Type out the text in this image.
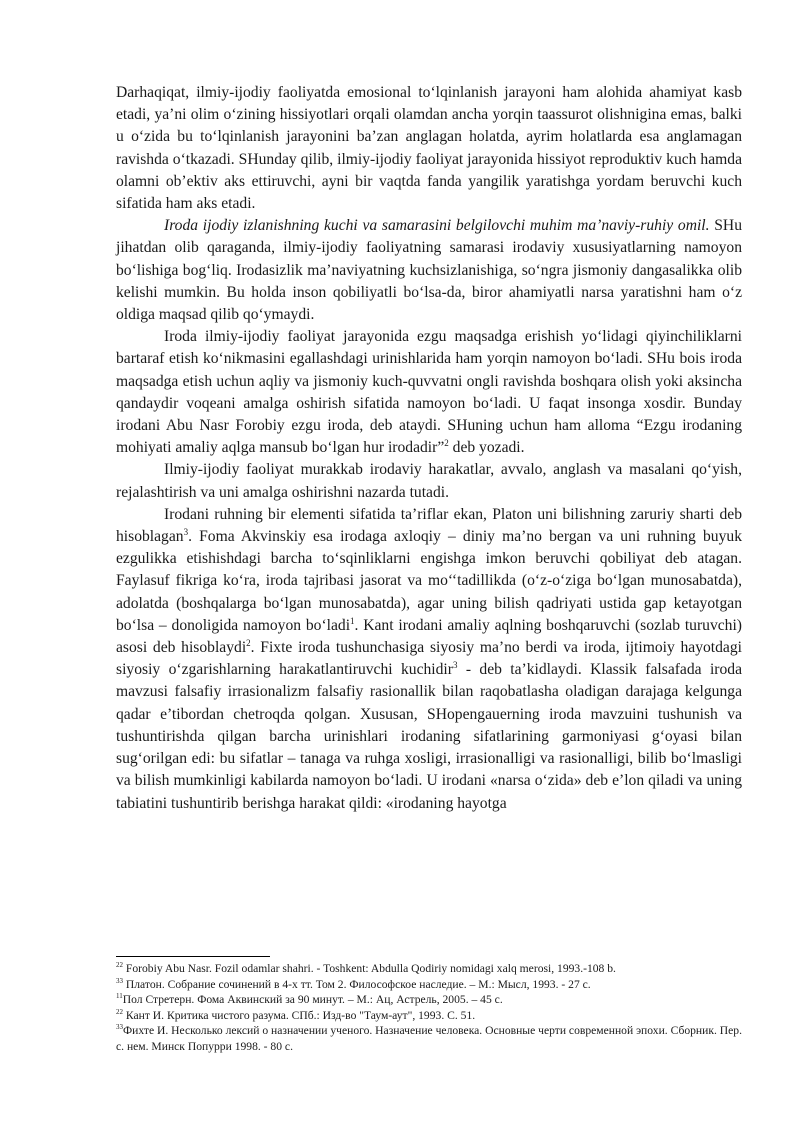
Darhaqiqat, ilmiy-ijodiy faoliyatda emosional to‘lqinlanish jarayoni ham alohida ahamiyat kasb etadi, ya’ni olim o‘zining hissiyotlari orqali olamdan ancha yorqin taassurot olishnigina emas, balki u o‘zida bu to‘lqinlanish jarayonini ba’zan anglagan holatda, ayrim holatlarda esa anglamagan ravishda o‘tkazadi. SHunday qilib, ilmiy-ijodiy faoliyat jarayonida hissiyot reproduktiv kuch hamda olamni ob’ektiv aks ettiruvchi, ayni bir vaqtda fanda yangilik yaratishga yordam beruvchi kuch sifatida ham aks etadi.

Iroda ijodiy izlanishning kuchi va samarasini belgilovchi muhim ma’naviy-ruhiy omil. SHu jihatdan olib qaraganda, ilmiy-ijodiy faoliyatning samarasi irodaviy xususiyatlarning namoyon bo‘lishiga bog‘liq. Irodasizlik ma’naviyatning kuchsizlanishiga, so‘ngra jismoniy dangasalikka olib kelishi mumkin. Bu holda inson qobiliyatli bo‘lsa-da, biror ahamiyatli narsa yaratishni ham o‘z oldiga maqsad qilib qo‘ymaydi.

Iroda ilmiy-ijodiy faoliyat jarayonida ezgu maqsadga erishish yo‘lidagi qiyinchiliklarni bartaraf etish ko‘nikmasini egallashdagi urinishlarida ham yorqin namoyon bo‘ladi. SHu bois iroda maqsadga etish uchun aqliy va jismoniy kuch-quvvatni ongli ravishda boshqara olish yoki aksincha qandaydir voqeani amalga oshirish sifatida namoyon bo‘ladi. U faqat insonga xosdir. Bunday irodani Abu Nasr Forobiy ezgu iroda, deb ataydi. SHuning uchun ham alloma “Ezgu irodaning mohiyati amaliy aqlga mansub bo‘lgan hur irodadir”$^2$ deb yozadi.

Ilmiy-ijodiy faoliyat murakkab irodaviy harakatlar, avvalo, anglash va masalani qo‘yish, rejalashtirish va uni amalga oshirishni nazarda tutadi.

Irodani ruhning bir elementi sifatida ta’riflar ekan, Platon uni bilishning zaruriy sharti deb hisoblagan$^3$. Foma Akvinskiy esa irodaga axloqiy – diniy ma’no bergan va uni ruhning buyuk ezgulikka etishishdagi barcha to‘sqinliklarni engishga imkon beruvchi qobiliyat deb atagan. Faylasuf fikriga ko‘ra, iroda tajribasi jasorat va mo‘‘tadillikda (o‘z-o‘ziga bo‘lgan munosabatda), adolatda (boshqalarga bo‘lgan munosabatda), agar uning bilish qadriyati ustida gap ketayotgan bo‘lsa – donoligida namoyon bo‘ladi$^1$. Kant irodani amaliy aqlning boshqaruvchi (sozlab turuvchi) asosi deb hisoblaydi$^2$. Fixte iroda tushunchasiga siyosiy ma’no berdi va iroda, ijtimoiy hayotdagi siyosiy o‘zgarishlarning harakatlantiruvchi kuchidir$^3$ - deb ta’kidlaydi. Klassik falsafada iroda mavzusi falsafiy irrasionalizm falsafiy rasionallik bilan raqobatlasha oladigan darajaga kelgunga qadar e’tibordan chetroqda qolgan. Xususan, SHopengauerning iroda mavzuini tushunish va tushuntirishda qilgan barcha urinishlari irodaning sifatlarining garmoniyasi g‘oyasi bilan sug‘orilgan edi: bu sifatlar – tanaga va ruhga xosligi, irrasionalligi va rasionalligi, bilib bo‘lmasligi va bilish mumkinligi kabilarda namoyon bo‘ladi. U irodani «narsa o‘zida» deb e’lon qiladi va uning tabiatini tushuntirib berishga harakat qildi: «irodaning hayotga

$^{22}$ Forobiy Abu Nasr. Fozil odamlar shahri. - Toshkent: Abdulla Qodiriy nomidagi xalq merosi, 1993.-108 b.

$^{33}$ Платон. Собрание сочинений в 4-х тт. Том 2. Философское наследие. – М.: Мысл, 1993. - 27 с.

$^{11}$Пол Стретерн. Фома Аквинский за 90 минут. – М.: Ац, Астрель, 2005. – 45 с.

$^{22}$ Кант И. Критика чистого разума. СПб.: Изд-во "Таум-аут", 1993. С. 51.

$^{33}$Фихте И. Несколько лексий о назначении ученого. Назначение человека. Основные черти современной эпохи. Сборник. Пер. с. нем. Минск Попурри 1998. - 80 с.
